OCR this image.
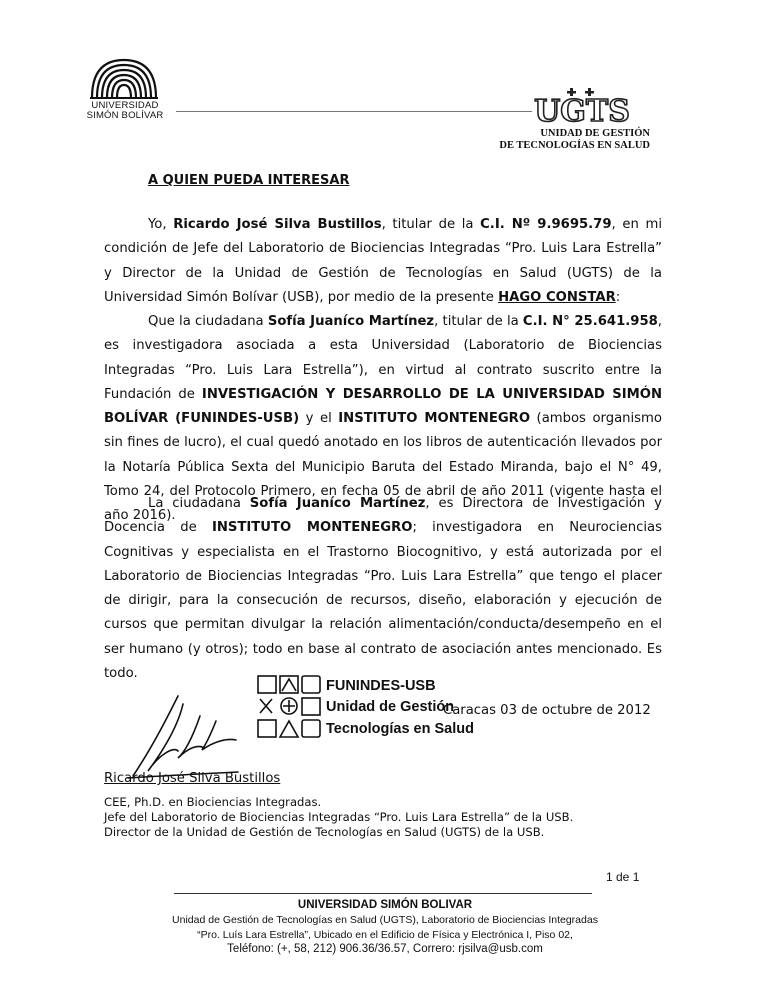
UNIVERSIDAD
SIMÓN BOLÍVAR	UGTS
UNIDAD DE GESTIÓN
DE TECNOLOGÍAS EN SALUD
A QUIEN PUEDA INTERESAR
Yo, Ricardo José Silva Bustillos, titular de la C.I. Nº 9.9695.79, en mi condición de Jefe del Laboratorio de Biociencias Integradas “Pro. Luis Lara Estrella” y Director de la Unidad de Gestión de Tecnologías en Salud (UGTS) de la Universidad Simón Bolívar (USB), por medio de la presente HAGO CONSTAR:
Que la ciudadana Sofía Juaníco Martínez, titular de la C.I. N° 25.641.958, es investigadora asociada a esta Universidad (Laboratorio de Biociencias Integradas “Pro. Luis Lara Estrella”), en virtud al contrato suscrito entre la Fundación de INVESTIGACIÓN Y DESARROLLO DE LA UNIVERSIDAD SIMÓN BOLÍVAR (FUNINDES-USB) y el INSTITUTO MONTENEGRO (ambos organismo sin fines de lucro), el cual quedó anotado en los libros de autenticación llevados por la Notaría Pública Sexta del Municipio Baruta del Estado Miranda, bajo el N° 49, Tomo 24, del Protocolo Primero, en fecha 05 de abril de año 2011 (vigente hasta el año 2016).
La ciudadana Sofía Juaníco Martínez, es Directora de Investigación y Docencia de INSTITUTO MONTENEGRO; investigadora en Neurociencias Cognitivas y especialista en el Trastorno Biocognitivo, y está autorizada por el Laboratorio de Biociencias Integradas “Pro. Luis Lara Estrella” que tengo el placer de dirigir, para la consecución de recursos, diseño, elaboración y ejecución de cursos que permitan divulgar la relación alimentación/conducta/desempeño en el ser humano (y otros); todo en base al contrato de asociación antes mencionado. Es todo.
FUNINDES-USB
Unidad de Gestión
Tecnologías en Salud
Caracas 03 de octubre de 2012
Ricardo José Silva Bustillos
CEE, Ph.D. en Biociencias Integradas.
Jefe del Laboratorio de Biociencias Integradas “Pro. Luis Lara Estrella” de la USB.
Director de la Unidad de Gestión de Tecnologías en Salud (UGTS) de la USB.
1 de 1
UNIVERSIDAD SIMÓN BOLIVAR
Unidad de Gestión de Tecnologías en Salud (UGTS), Laboratorio de Biociencias Integradas
“Pro. Luís Lara Estrella”, Ubicado en el Edificio de Física y Electrónica I, Piso 02,
Teléfono: (+, 58, 212) 906.36/36.57, Correro: rjsilva@usb.com
